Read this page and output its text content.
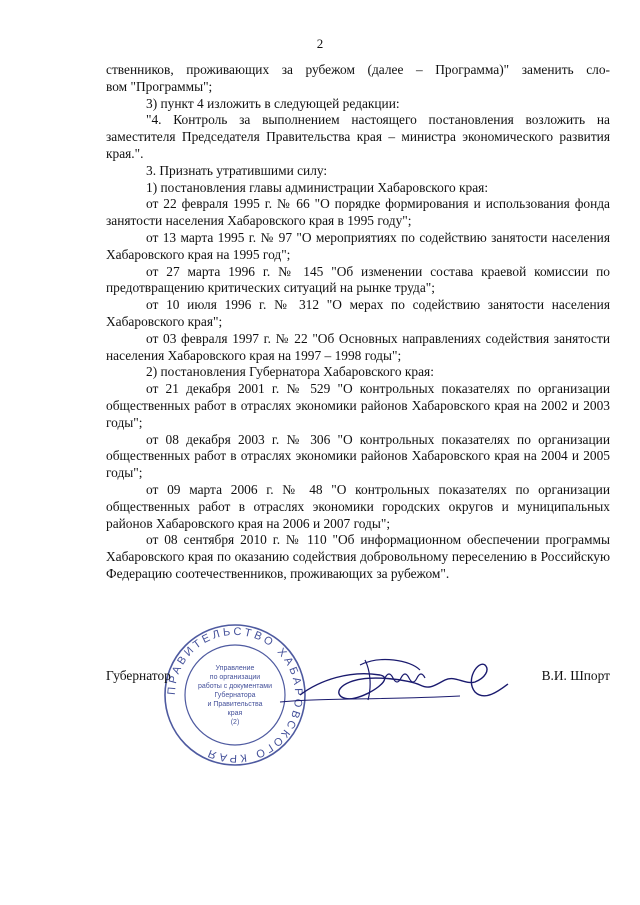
2

ственников, проживающих за рубежом (далее – Программа)" заменить сло-

вом "Программы";

3) пункт 4 изложить в следующей редакции:

"4. Контроль за выполнением настоящего постановления возложить на заместителя Председателя Правительства края – министра экономического развития края.".

3. Признать утратившими силу:

1) постановления главы администрации Хабаровского края:

от 22 февраля 1995 г. № 66 "О порядке формирования и использования фонда занятости населения Хабаровского края в 1995 году";

от 13 марта 1995 г. № 97 "О мероприятиях по содействию занятости населения Хабаровского края на 1995 год";

от 27 марта 1996 г. № 145 "Об изменении состава краевой комиссии по предотвращению критических ситуаций на рынке труда";

от 10 июля 1996 г. № 312 "О мерах по содействию занятости населения Хабаровского края";

от 03 февраля 1997 г. № 22 "Об Основных направлениях содействия занятости населения Хабаровского края на 1997 – 1998 годы";

2) постановления Губернатора Хабаровского края:

от 21 декабря 2001 г. № 529 "О контрольных показателях по организации общественных работ в отраслях экономики районов Хабаровского края на 2002 и 2003 годы";

от 08 декабря 2003 г. № 306 "О контрольных показателях по организации общественных работ в отраслях экономики районов Хабаровского края на 2004 и 2005 годы";

от 09 марта 2006 г. № 48 "О контрольных показателях по организации общественных работ в отраслях экономики городских округов и муниципальных районов Хабаровского края на 2006 и 2007 годы";

от 08 сентября 2010 г. № 110 "Об информационном обеспечении программы Хабаровского края по оказанию содействия добровольному переселению в Российскую Федерацию соотечественников, проживающих за рубежом".

ПРАВИТЕЛЬСТВО ХАБАРОВСКОГО КРАЯ
Управление
по организации
работы с документами
Губернатора
и Правительства
края
(2)
Губернатор	В.И. Шпорт
